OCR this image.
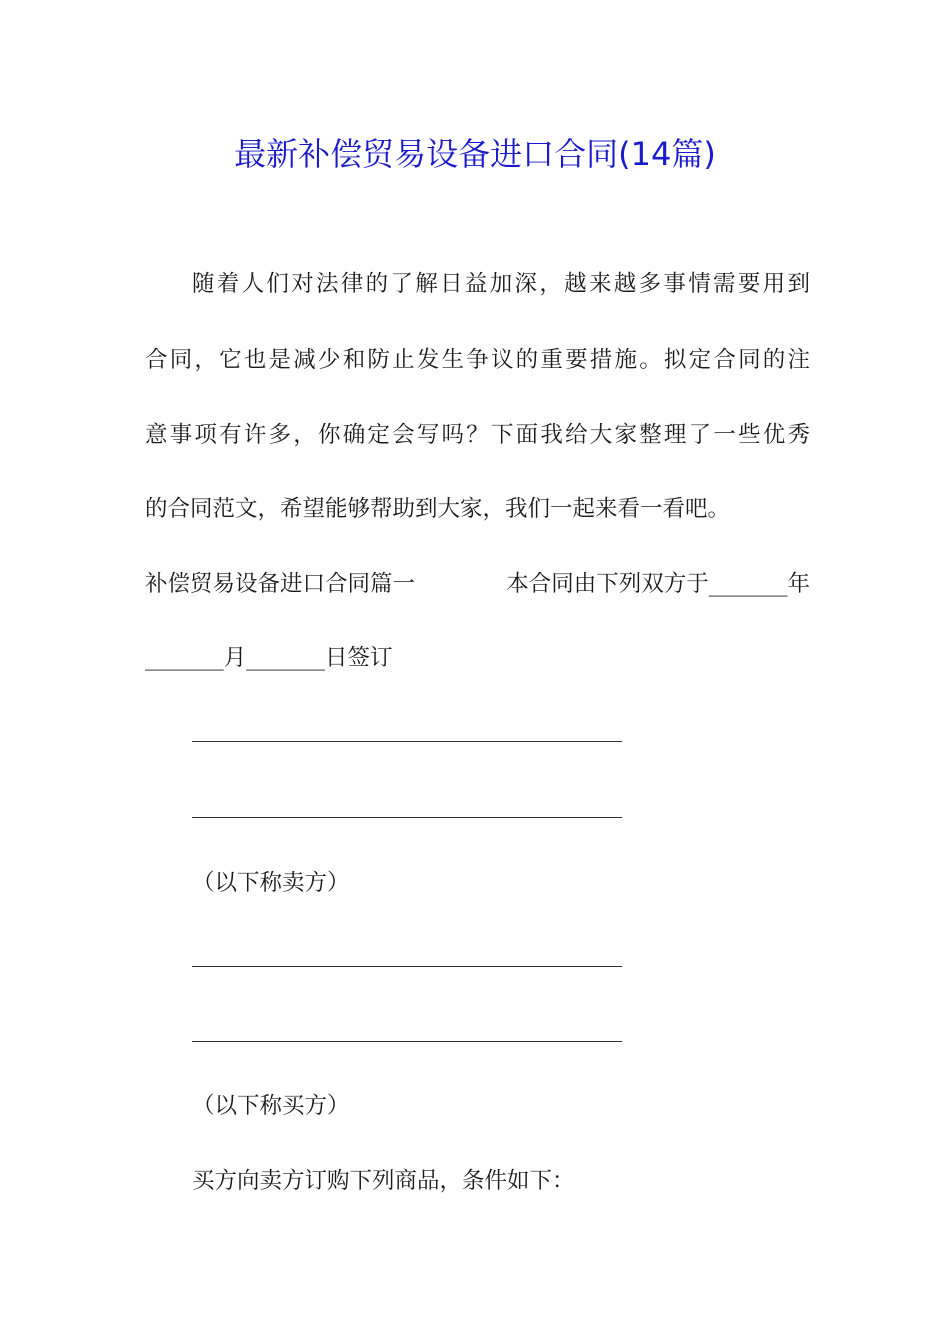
最新补偿贸易设备进口合同(14篇)
随着人们对法律的了解日益加深，越来越多事情需要用到
合同，它也是减少和防止发生争议的重要措施。拟定合同的注
意事项有许多，你确定会写吗？下面我给大家整理了一些优秀
的合同范文，希望能够帮助到大家，我们一起来看一看吧。
补偿贸易设备进口合同篇一	本合同由下列双方于_______年
_______月_______日签订
（以下称卖方）
（以下称买方）
买方向卖方订购下列商品，条件如下：
